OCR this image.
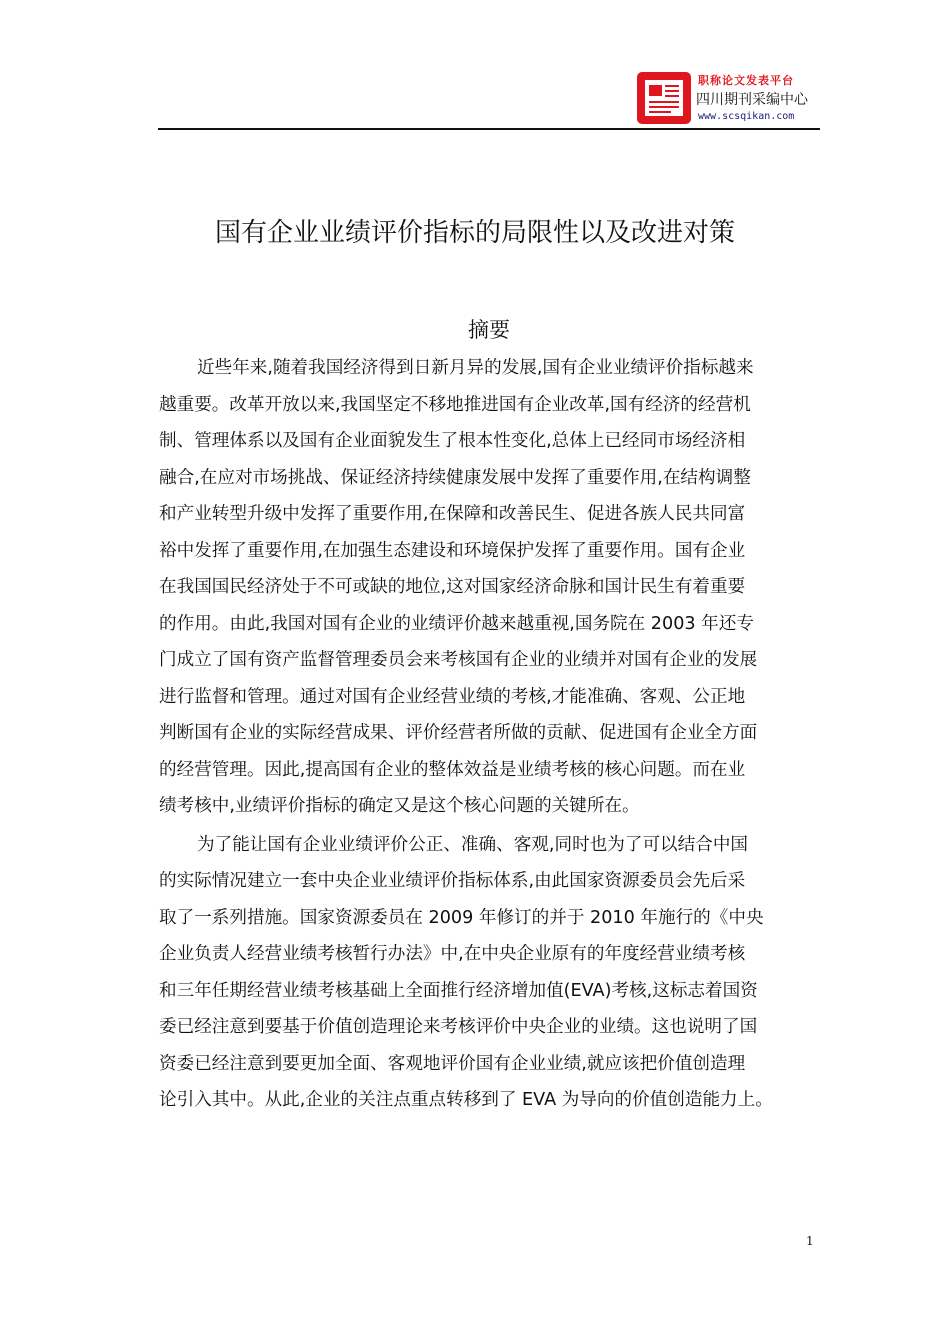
职称论文发表平台
四川期刊采编中心
www.scsqikan.com
国有企业业绩评价指标的局限性以及改进对策
摘要
近些年来,随着我国经济得到日新月异的发展,国有企业业绩评价指标越来
越重要。改革开放以来,我国坚定不移地推进国有企业改革,国有经济的经营机
制、管理体系以及国有企业面貌发生了根本性变化,总体上已经同市场经济相
融合,在应对市场挑战、保证经济持续健康发展中发挥了重要作用,在结构调整
和产业转型升级中发挥了重要作用,在保障和改善民生、促进各族人民共同富
裕中发挥了重要作用,在加强生态建设和环境保护发挥了重要作用。国有企业
在我国国民经济处于不可或缺的地位,这对国家经济命脉和国计民生有着重要
的作用。由此,我国对国有企业的业绩评价越来越重视,国务院在 2003 年还专
门成立了国有资产监督管理委员会来考核国有企业的业绩并对国有企业的发展
进行监督和管理。通过对国有企业经营业绩的考核,才能准确、客观、公正地
判断国有企业的实际经营成果、评价经营者所做的贡献、促进国有企业全方面
的经营管理。因此,提高国有企业的整体效益是业绩考核的核心问题。而在业
绩考核中,业绩评价指标的确定又是这个核心问题的关键所在。
为了能让国有企业业绩评价公正、准确、客观,同时也为了可以结合中国
的实际情况建立一套中央企业业绩评价指标体系,由此国家资源委员会先后采
取了一系列措施。国家资源委员在 2009 年修订的并于 2010 年施行的《中央
企业负责人经营业绩考核暂行办法》中,在中央企业原有的年度经营业绩考核
和三年任期经营业绩考核基础上全面推行经济增加值(EVA)考核,这标志着国资
委已经注意到要基于价值创造理论来考核评价中央企业的业绩。这也说明了国
资委已经注意到要更加全面、客观地评价国有企业业绩,就应该把价值创造理
论引入其中。从此,企业的关注点重点转移到了 EVA 为导向的价值创造能力上。
1
